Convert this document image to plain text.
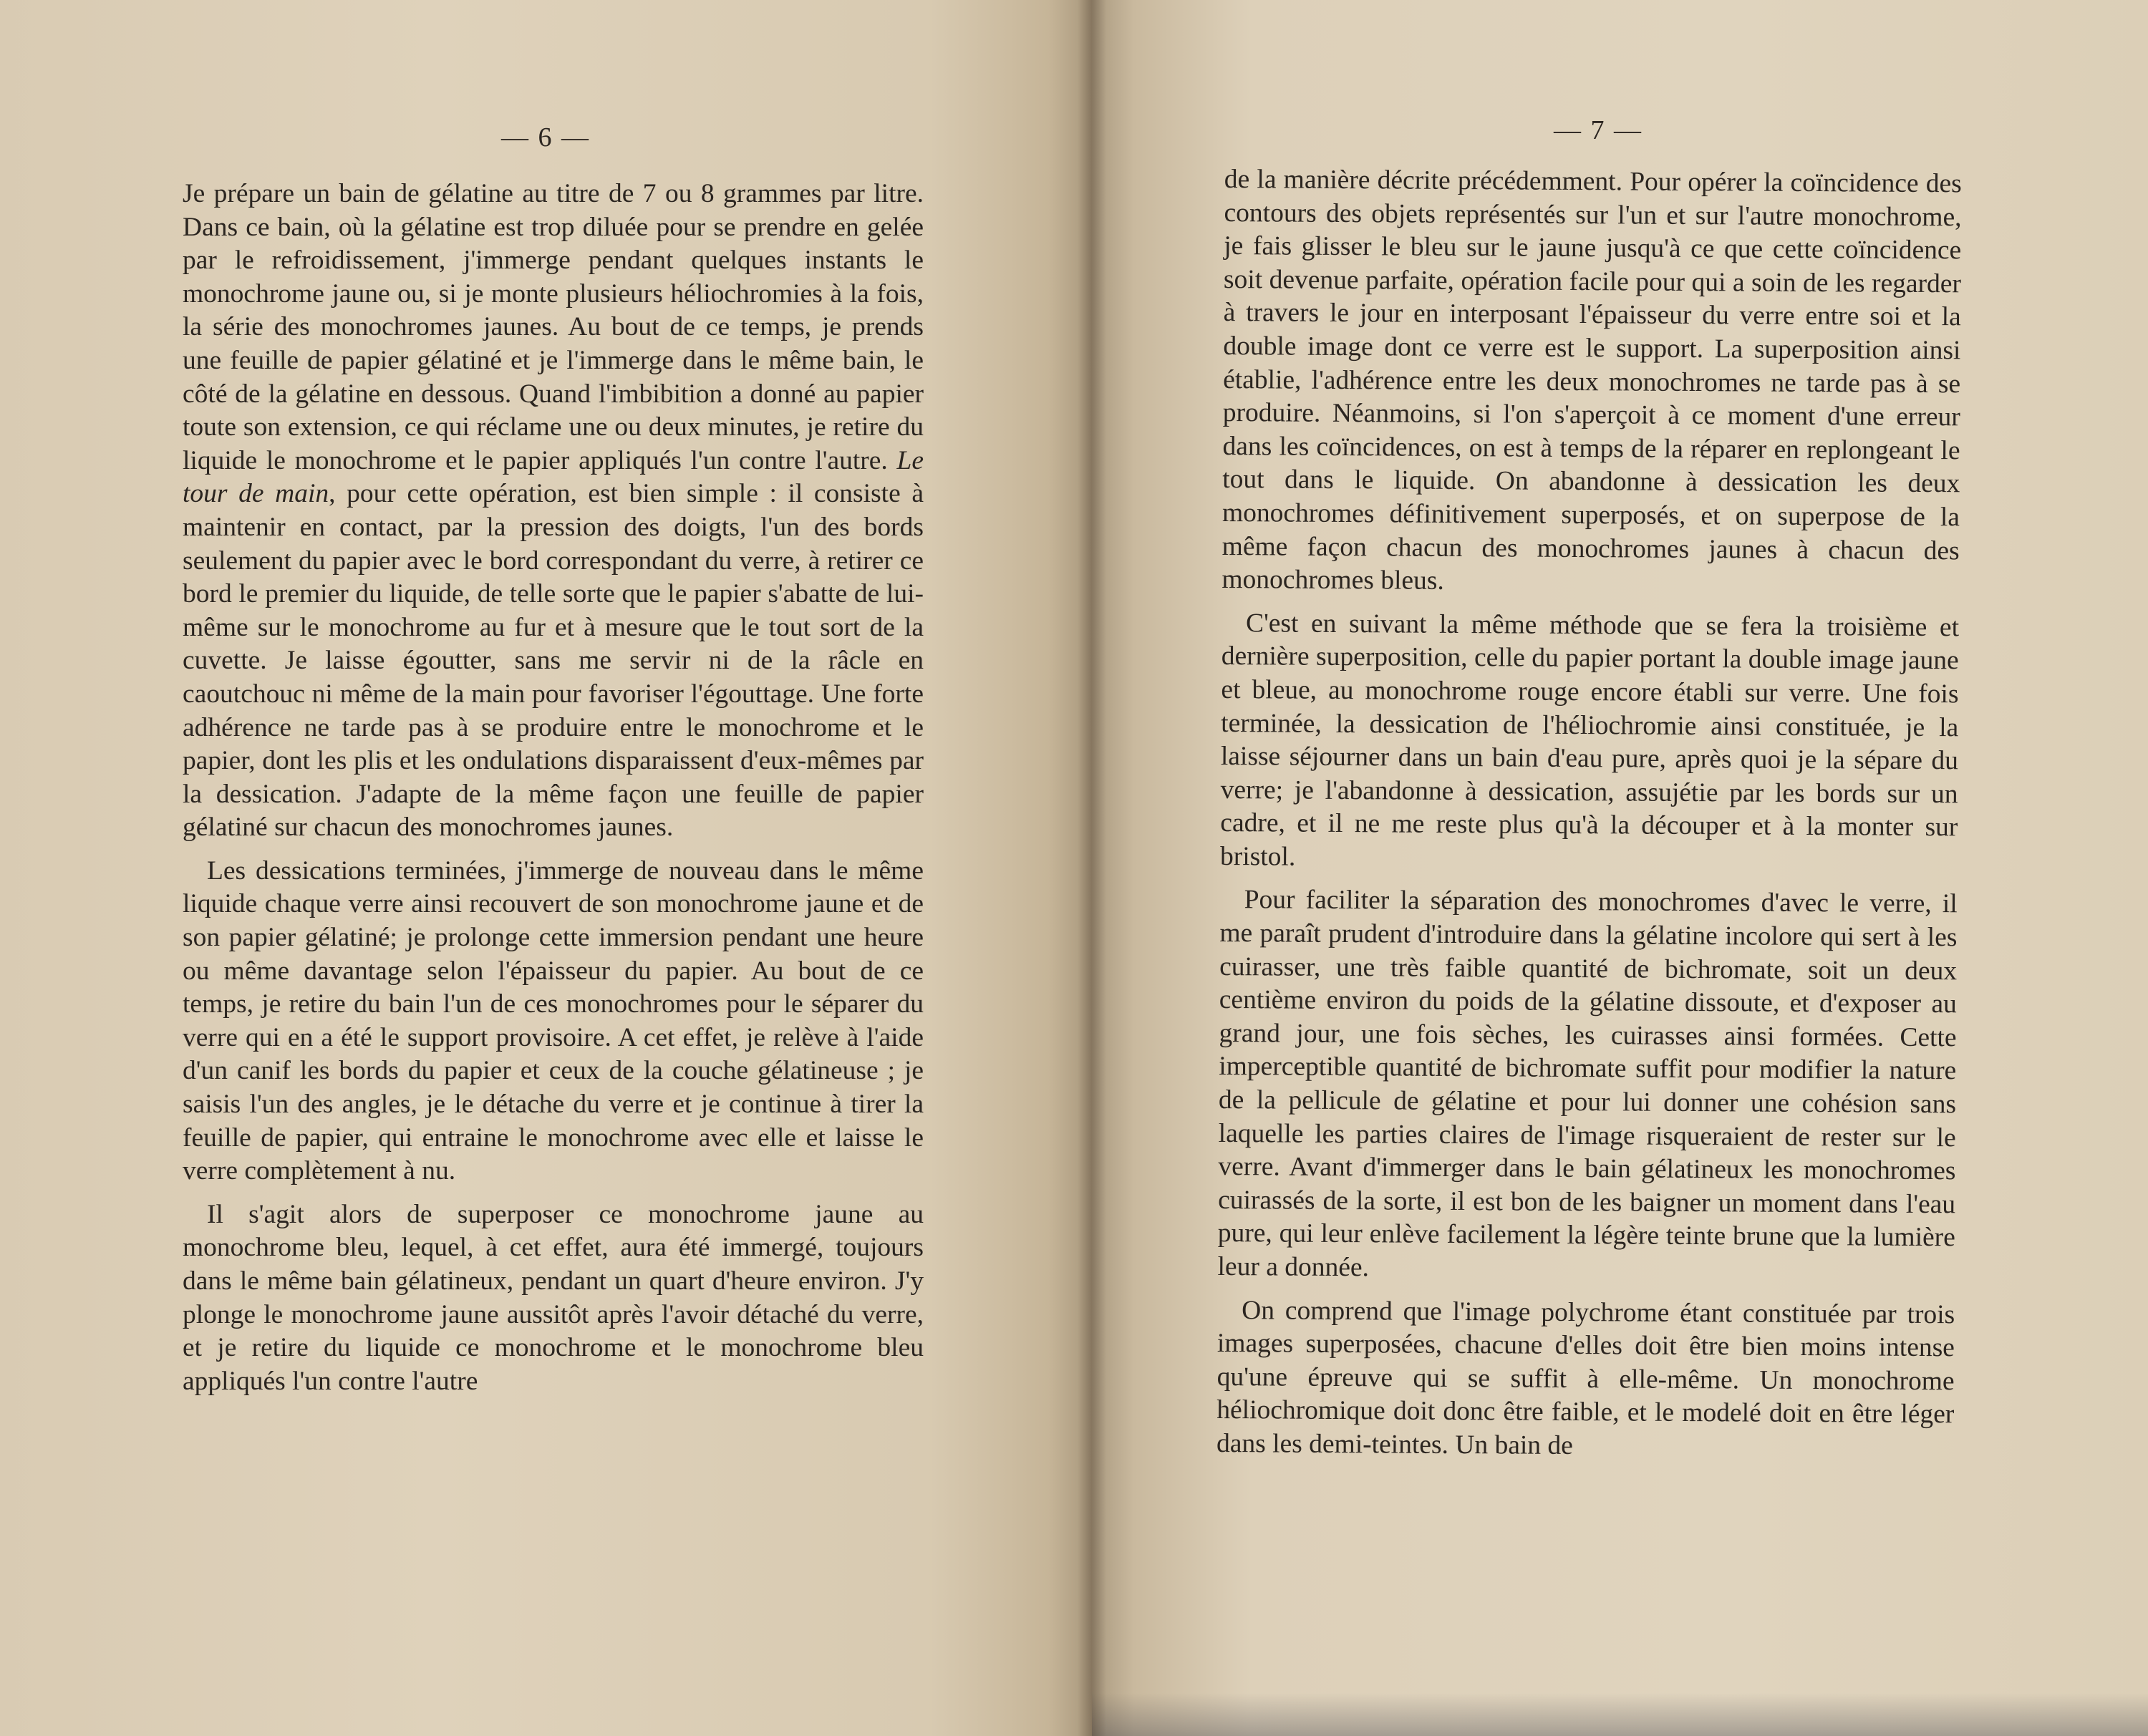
— 6 —

Je prépare un bain de gélatine au titre de 7 ou 8 grammes par litre. Dans ce bain, où la gélatine est trop diluée pour se prendre en gelée par le refroidissement, j'immerge pendant quelques instants le monochrome jaune ou, si je monte plusieurs héliochromies à la fois, la série des monochromes jaunes. Au bout de ce temps, je prends une feuille de papier gélatiné et je l'immerge dans le même bain, le côté de la gélatine en dessous. Quand l'imbibition a donné au papier toute son extension, ce qui réclame une ou deux minutes, je retire du liquide le monochrome et le papier appliqués l'un contre l'autre. Le tour de main, pour cette opération, est bien simple : il consiste à maintenir en contact, par la pression des doigts, l'un des bords seulement du papier avec le bord correspondant du verre, à retirer ce bord le premier du liquide, de telle sorte que le papier s'abatte de lui-même sur le monochrome au fur et à mesure que le tout sort de la cuvette. Je laisse égoutter, sans me servir ni de la râcle en caoutchouc ni même de la main pour favoriser l'égouttage. Une forte adhérence ne tarde pas à se produire entre le monochrome et le papier, dont les plis et les ondulations disparaissent d'eux-mêmes par la dessication. J'adapte de la même façon une feuille de papier gélatiné sur chacun des monochromes jaunes.

Les dessications terminées, j'immerge de nouveau dans le même liquide chaque verre ainsi recouvert de son monochrome jaune et de son papier gélatiné; je prolonge cette immersion pendant une heure ou même davantage selon l'épaisseur du papier. Au bout de ce temps, je retire du bain l'un de ces monochromes pour le séparer du verre qui en a été le support provisoire. A cet effet, je relève à l'aide d'un canif les bords du papier et ceux de la couche gélatineuse ; je saisis l'un des angles, je le détache du verre et je continue à tirer la feuille de papier, qui entraine le monochrome avec elle et laisse le verre complètement à nu.

Il s'agit alors de superposer ce monochrome jaune au monochrome bleu, lequel, à cet effet, aura été immergé, toujours dans le même bain gélatineux, pendant un quart d'heure environ. J'y plonge le monochrome jaune aussitôt après l'avoir détaché du verre, et je retire du liquide ce monochrome et le monochrome bleu appliqués l'un contre l'autre

— 7 —

de la manière décrite précédemment. Pour opérer la coïncidence des contours des objets représentés sur l'un et sur l'autre monochrome, je fais glisser le bleu sur le jaune jusqu'à ce que cette coïncidence soit devenue parfaite, opération facile pour qui a soin de les regarder à travers le jour en interposant l'épaisseur du verre entre soi et la double image dont ce verre est le support. La superposition ainsi établie, l'adhérence entre les deux monochromes ne tarde pas à se produire. Néanmoins, si l'on s'aperçoit à ce moment d'une erreur dans les coïncidences, on est à temps de la réparer en replongeant le tout dans le liquide. On abandonne à dessication les deux monochromes définitivement superposés, et on superpose de la même façon chacun des monochromes jaunes à chacun des monochromes bleus.

C'est en suivant la même méthode que se fera la troisième et dernière superposition, celle du papier portant la double image jaune et bleue, au monochrome rouge encore établi sur verre. Une fois terminée, la dessication de l'héliochromie ainsi constituée, je la laisse séjourner dans un bain d'eau pure, après quoi je la sépare du verre; je l'abandonne à dessication, assujétie par les bords sur un cadre, et il ne me reste plus qu'à la découper et à la monter sur bristol.

Pour faciliter la séparation des monochromes d'avec le verre, il me paraît prudent d'introduire dans la gélatine incolore qui sert à les cuirasser, une très faible quantité de bichromate, soit un deux centième environ du poids de la gélatine dissoute, et d'exposer au grand jour, une fois sèches, les cuirasses ainsi formées. Cette imperceptible quantité de bichromate suffit pour modifier la nature de la pellicule de gélatine et pour lui donner une cohésion sans laquelle les parties claires de l'image risqueraient de rester sur le verre. Avant d'immerger dans le bain gélatineux les monochromes cuirassés de la sorte, il est bon de les baigner un moment dans l'eau pure, qui leur enlève facilement la légère teinte brune que la lumière leur a donnée.

On comprend que l'image polychrome étant constituée par trois images superposées, chacune d'elles doit être bien moins intense qu'une épreuve qui se suffit à elle-même. Un monochrome héliochromique doit donc être faible, et le modelé doit en être léger dans les demi-teintes. Un bain de
